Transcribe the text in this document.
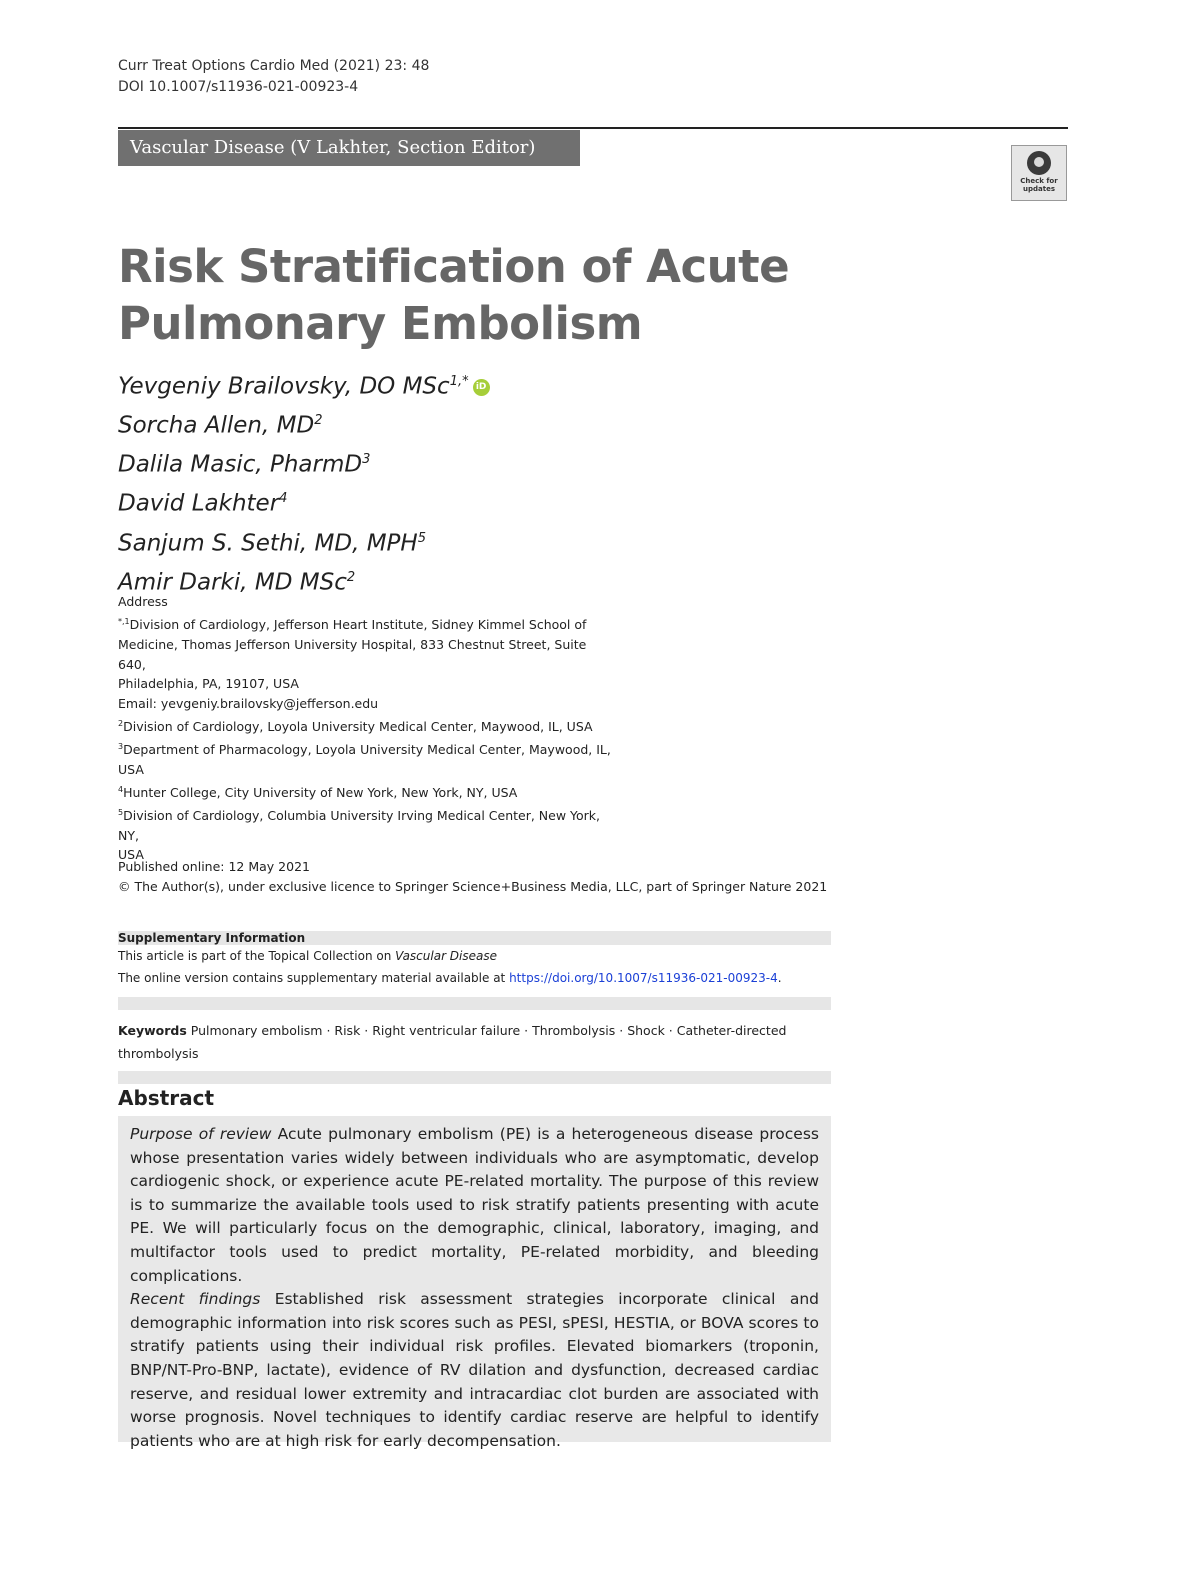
Curr Treat Options Cardio Med (2021) 23: 48
DOI 10.1007/s11936-021-00923-4
Vascular Disease (V Lakhter, Section Editor)
Check for updates
Risk Stratification of Acute
Pulmonary Embolism
Yevgeniy Brailovsky, DO MSc$^{1,*}$ iD
Sorcha Allen, $MD^2$
Dalila Masic, PharmD$^3$
David Lakhter$^4$
Sanjum S. Sethi, MD, MPH$^5$
Amir Darki, MD MSc$^2$
Address
$^{*,1}$Division of Cardiology, Jefferson Heart Institute, Sidney Kimmel School of
Medicine, Thomas Jefferson University Hospital, 833 Chestnut Street, Suite 640,
Philadelphia, PA, 19107, USA
Email: yevgeniy.brailovsky@jefferson.edu
$^2$Division of Cardiology, Loyola University Medical Center, Maywood, IL, USA
$^3$Department of Pharmacology, Loyola University Medical Center, Maywood, IL,
USA
$^4$Hunter College, City University of New York, New York, NY, USA
$^5$Division of Cardiology, Columbia University Irving Medical Center, New York, NY,
USA
Published online: 12 May 2021
© The Author(s), under exclusive licence to Springer Science+Business Media, LLC, part of Springer Nature 2021
Supplementary Information
This article is part of the Topical Collection on Vascular Disease
The online version contains supplementary material available at https://doi.org/10.1007/s11936-021-00923-4.
Keywords Pulmonary embolism · Risk · Right ventricular failure · Thrombolysis · Shock · Catheter-directed thrombolysis
Abstract

Purpose of review Acute pulmonary embolism (PE) is a heterogeneous disease process whose presentation varies widely between individuals who are asymptomatic, develop cardiogenic shock, or experience acute PE-related mortality. The purpose of this review is to summarize the available tools used to risk stratify patients presenting with acute PE. We will particularly focus on the demographic, clinical, laboratory, imaging, and multifactor tools used to predict mortality, PE-related morbidity, and bleeding complications.

Recent findings Established risk assessment strategies incorporate clinical and demographic information into risk scores such as PESI, sPESI, HESTIA, or BOVA scores to stratify patients using their individual risk profiles. Elevated biomarkers (troponin, BNP/NT-Pro-BNP, lactate), evidence of RV dilation and dysfunction, decreased cardiac reserve, and residual lower extremity and intracardiac clot burden are associated with worse prognosis. Novel techniques to identify cardiac reserve are helpful to identify patients who are at high risk for early decompensation.
